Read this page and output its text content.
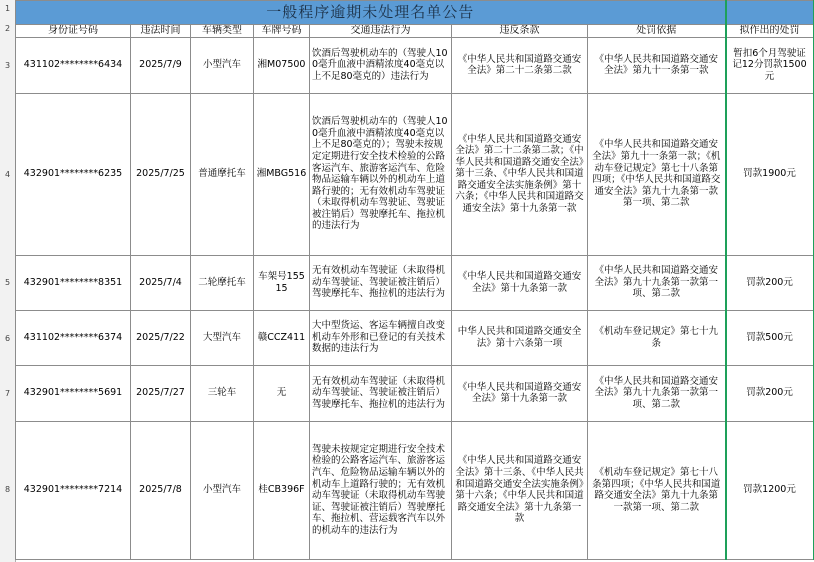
1
2
3
4
5
6
7
8
一般程序逾期未处理名单公告							
身份证号码	违法时间	车辆类型	车牌号码	交通违法行为	违反条款	处罚依据	拟作出的处罚
431102********6434	2025/7/9	小型汽车	湘M07500	饮酒后驾驶机动车的（驾驶人100毫升血液中酒精浓度40毫克以上不足80毫克的）违法行为	《中华人民共和国道路交通安全法》第二十二条第二款	《中华人民共和国道路交通安全法》第九十一条第一款	暂扣6个月驾驶证记12分罚款1500元
432901********6235	2025/7/25	普通摩托车	湘MBG516	饮酒后驾驶机动车的（驾驶人100毫升血液中酒精浓度40毫克以上不足80毫克的）；驾驶未按规定定期进行安全技术检验的公路客运汽车、旅游客运汽车、危险物品运输车辆以外的机动车上道路行驶的；无有效机动车驾驶证（未取得机动车驾驶证、驾驶证被注销后）驾驶摩托车、拖拉机的违法行为	《中华人民共和国道路交通安全法》第二十二条第二款；《中华人民共和国道路交通安全法》第十三条、《中华人民共和国道路交通安全法实施条例》第十六条；《中华人民共和国道路交通安全法》第十九条第一款	《中华人民共和国道路交通安全法》第九十一条第一款；《机动车登记规定》第七十八条第四项；《中华人民共和国道路交通安全法》第九十九条第一款第一项、第二款	罚款1900元
432901********8351	2025/7/4	二轮摩托车	车架号15515	无有效机动车驾驶证（未取得机动车驾驶证、驾驶证被注销后）驾驶摩托车、拖拉机的违法行为	《中华人民共和国道路交通安全法》第十九条第一款	《中华人民共和国道路交通安全法》第九十九条第一款第一项、第二款	罚款200元
431102********6374	2025/7/22	大型汽车	赣CCZ411	大中型货运、客运车辆擅自改变机动车外形和已登记的有关技术数据的违法行为	中华人民共和国道路交通安全法》第十六条第一项	《机动车登记规定》第七十九条	罚款500元
432901********5691	2025/7/27	三轮车	无	无有效机动车驾驶证（未取得机动车驾驶证、驾驶证被注销后）驾驶摩托车、拖拉机的违法行为	《中华人民共和国道路交通安全法》第十九条第一款	《中华人民共和国道路交通安全法》第九十九条第一款第一项、第二款	罚款200元
432901********7214	2025/7/8	小型汽车	桂CB396F	驾驶未按规定定期进行安全技术检验的公路客运汽车、旅游客运汽车、危险物品运输车辆以外的机动车上道路行驶的；无有效机动车驾驶证（未取得机动车驾驶证、驾驶证被注销后）驾驶摩托车、拖拉机、营运载客汽车以外的机动车的违法行为	《中华人民共和国道路交通安全法》第十三条、《中华人民共和国道路交通安全法实施条例》第十六条；《中华人民共和国道路交通安全法》第十九条第一款	《机动车登记规定》第七十八条第四项；《中华人民共和国道路交通安全法》第九十九条第一款第一项、第二款	罚款1200元
